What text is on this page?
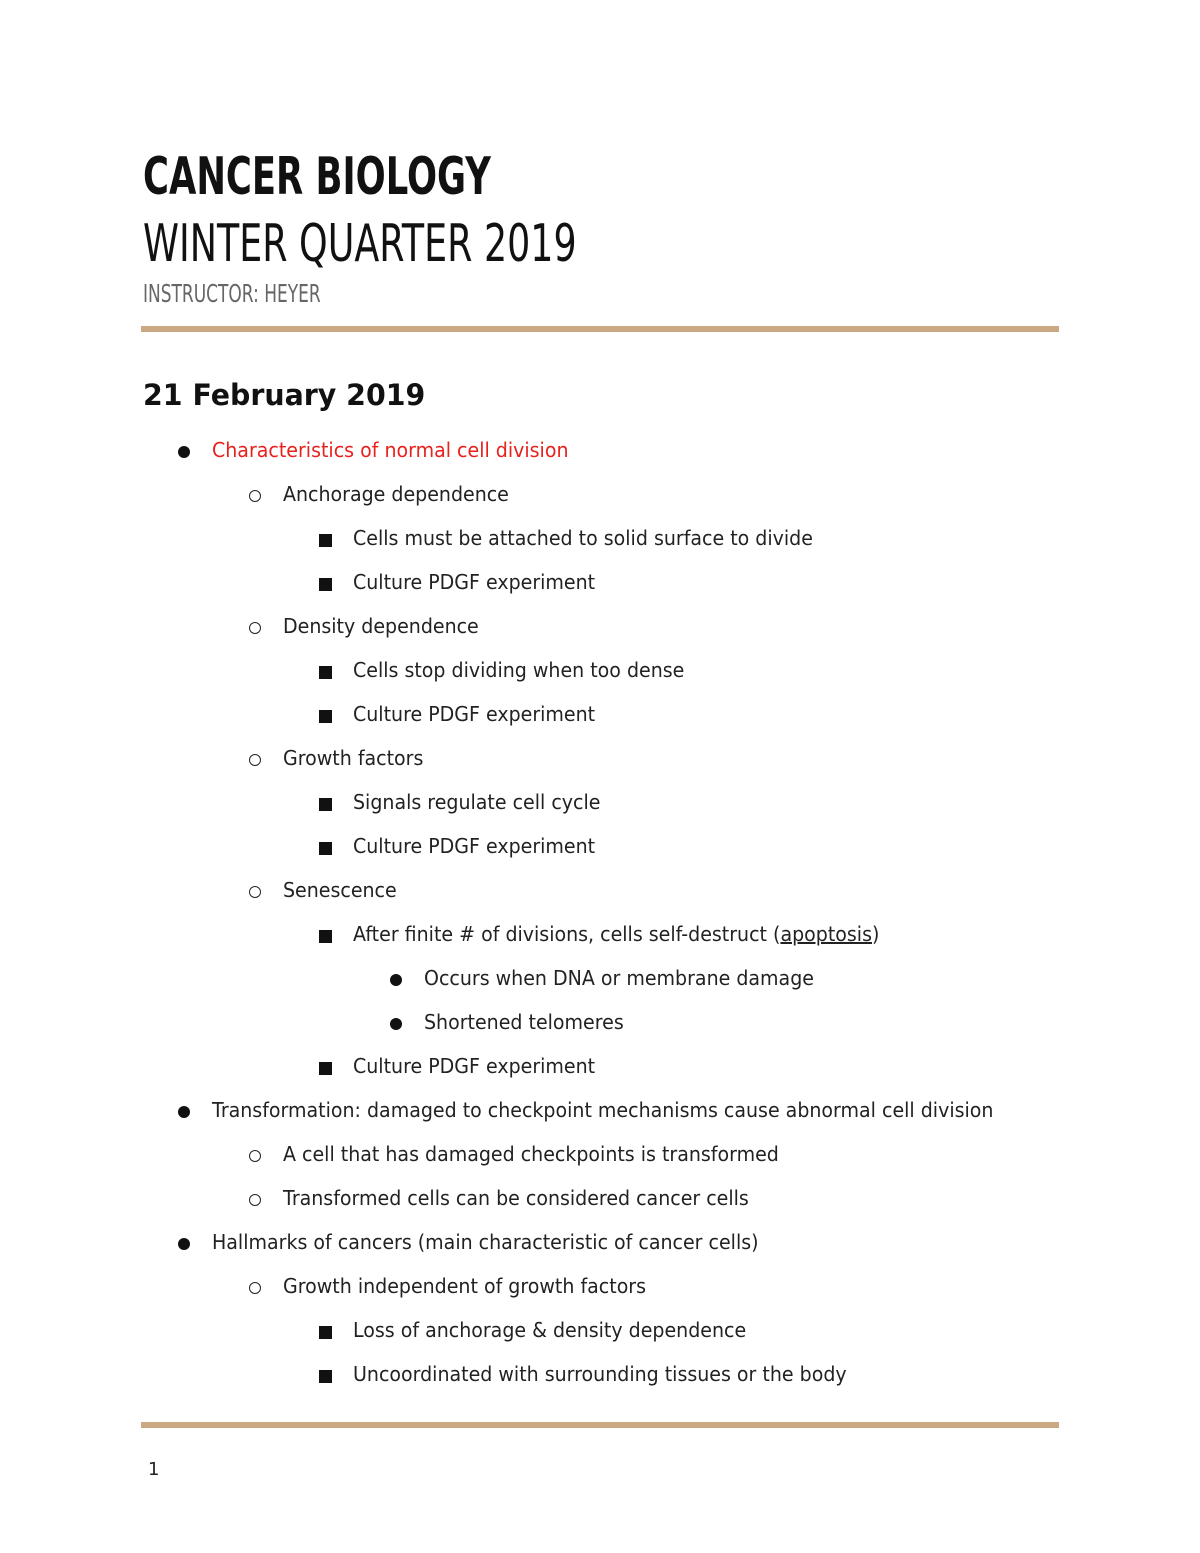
CANCER BIOLOGY
WINTER QUARTER 2019
INSTRUCTOR: HEYER
21 February 2019
Characteristics of normal cell division
Anchorage dependence
Cells must be attached to solid surface to divide
Culture PDGF experiment
Density dependence
Cells stop dividing when too dense
Culture PDGF experiment
Growth factors
Signals regulate cell cycle
Culture PDGF experiment
Senescence
After finite # of divisions, cells self-destruct (apoptosis)
Occurs when DNA or membrane damage
Shortened telomeres
Culture PDGF experiment
Transformation: damaged to checkpoint mechanisms cause abnormal cell division
A cell that has damaged checkpoints is transformed
Transformed cells can be considered cancer cells
Hallmarks of cancers (main characteristic of cancer cells)
Growth independent of growth factors
Loss of anchorage & density dependence
Uncoordinated with surrounding tissues or the body
1
